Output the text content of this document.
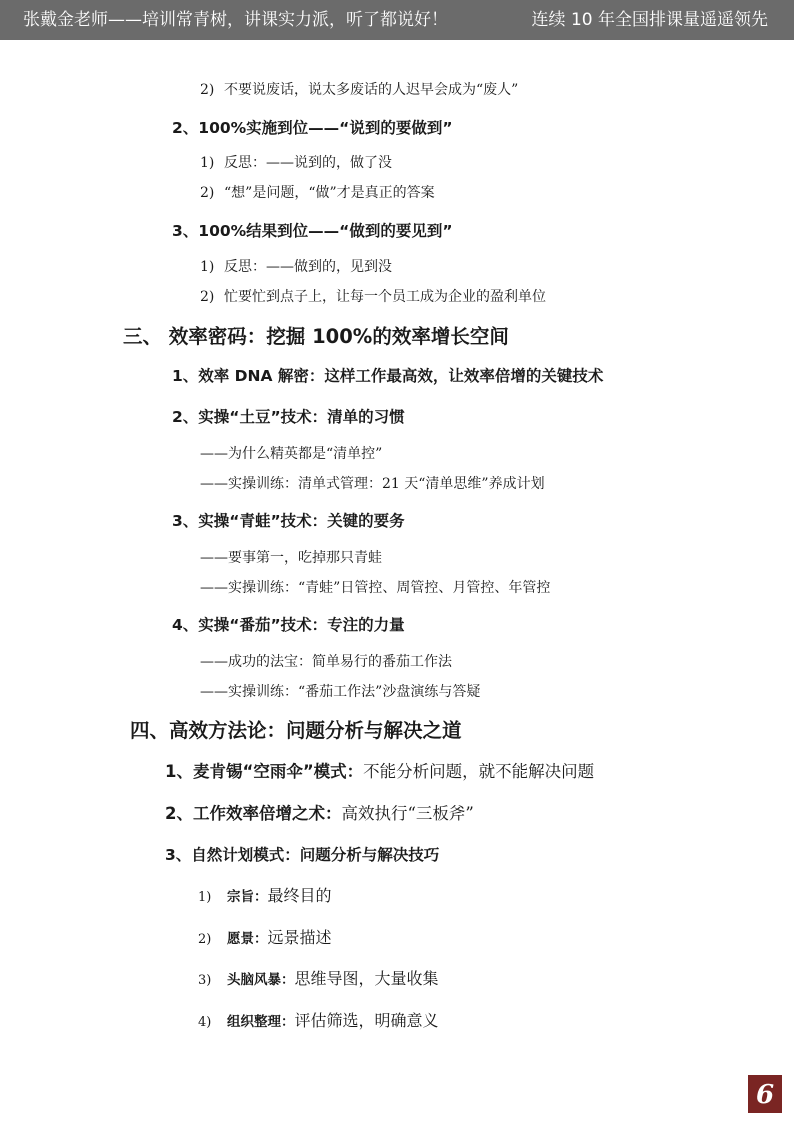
张戴金老师——培训常青树，讲课实力派，听了都说好！	连续 10 年全国排课量遥遥领先
2) 不要说废话，说太多废话的人迟早会成为“废人”
2、100%实施到位——“说到的要做到”
1) 反思：——说到的，做了没
2) “想”是问题，“做”才是真正的答案
3、100%结果到位——“做到的要见到”
1) 反思：——做到的，见到没
2) 忙要忙到点子上，让每一个员工成为企业的盈利单位
三、 效率密码：挖掘 100%的效率增长空间
1、效率 DNA 解密：这样工作最高效，让效率倍增的关键技术
2、实操“土豆”技术：清单的习惯
——为什么精英都是“清单控”
——实操训练：清单式管理：21 天“清单思维”养成计划
3、实操“青蛙”技术：关键的要务
——要事第一，吃掉那只青蛙
——实操训练：“青蛙”日管控、周管控、月管控、年管控
4、实操“番茄”技术：专注的力量
——成功的法宝：简单易行的番茄工作法
——实操训练：“番茄工作法”沙盘演练与答疑
四、高效方法论：问题分析与解决之道
1、麦肯锡“空雨伞”模式：不能分析问题，就不能解决问题
2、工作效率倍增之术：高效执行“三板斧”
3、自然计划模式：问题分析与解决技巧
1) 宗旨：最终目的
2) 愿景：远景描述
3) 头脑风暴：思维导图，大量收集
4) 组织整理：评估筛选，明确意义
6
